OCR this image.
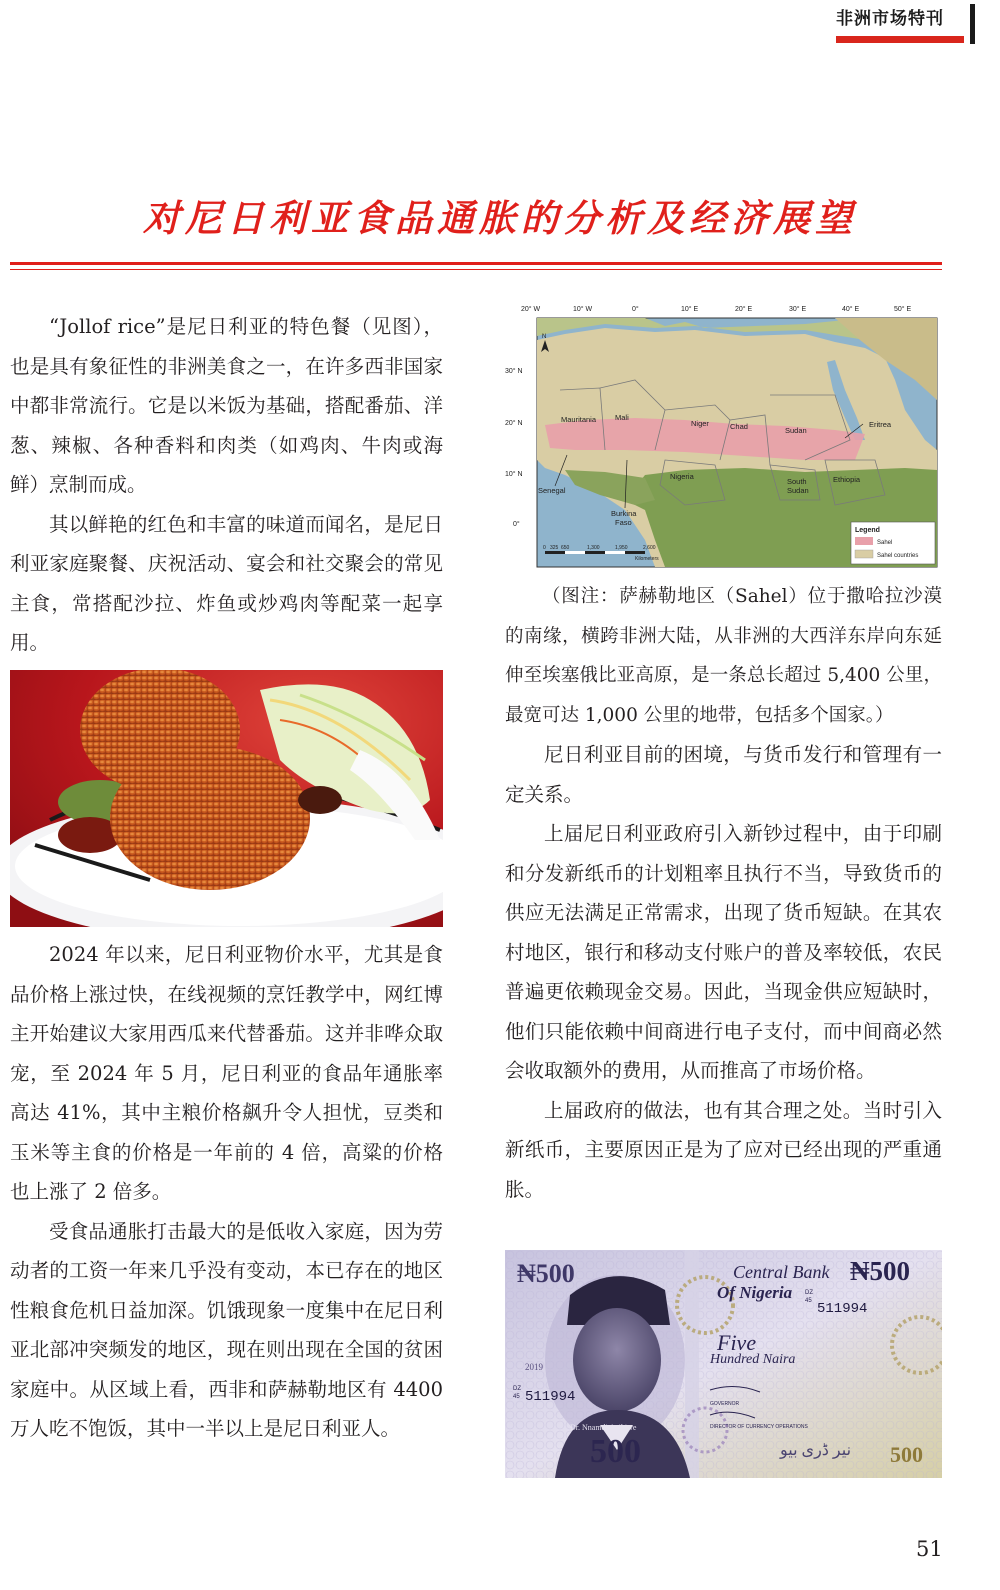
非洲市场特刊
对尼日利亚食品通胀的分析及经济展望

“Jollof rice”是尼日利亚的特色餐（见图），也是具有象征性的非洲美食之一，在许多西非国家中都非常流行。它是以米饭为基础，搭配番茄、洋葱、辣椒、各种香料和肉类（如鸡肉、牛肉或海鲜）烹制而成。

其以鲜艳的红色和丰富的味道而闻名，是尼日利亚家庭聚餐、庆祝活动、宴会和社交聚会的常见主食，常搭配沙拉、炸鱼或炒鸡肉等配菜一起享用。

2024 年以来，尼日利亚物价水平，尤其是食品价格上涨过快，在线视频的烹饪教学中，网红博主开始建议大家用西瓜来代替番茄。这并非哗众取宠，至 2024 年 5 月，尼日利亚的食品年通胀率高达 41%，其中主粮价格飙升令人担忧，豆类和玉米等主食的价格是一年前的 4 倍，高粱的价格也上涨了 2 倍多。

受食品通胀打击最大的是低收入家庭，因为劳动者的工资一年来几乎没有变动，本已存在的地区性粮食危机日益加深。饥饿现象一度集中在尼日利亚北部冲突频发的地区，现在则出现在全国的贫困家庭中。从区域上看，西非和萨赫勒地区有 4400 万人吃不饱饭，其中一半以上是尼日利亚人。

20° W	10° W	0°	10° E	20° E	30° E	40° E	50° E
30° N
20° N
10° N
0°
Mauritania	Mali
Niger	Chad	Sudan
Eritrea
Nigeria
South
Sudan
Ethiopia
Senegal
Burkina
Faso
N
0 325 650	1,300	1,950	2,600
Kilometers
Legend
Sahel
Sahel countries

（图注：萨赫勒地区（Sahel）位于撒哈拉沙漠的南缘，横跨非洲大陆，从非洲的大西洋东岸向东延伸至埃塞俄比亚高原，是一条总长超过 5,400 公里，最宽可达 1,000 公里的地带，包括多个国家。）

尼日利亚目前的困境，与货币发行和管理有一定关系。

上届尼日利亚政府引入新钞过程中，由于印刷和分发新纸币的计划粗率且执行不当，导致货币的供应无法满足正常需求，出现了货币短缺。在其农村地区，银行和移动支付账户的普及率较低，农民普遍更依赖现金交易。因此，当现金供应短缺时，他们只能依赖中间商进行电子支付，而中间商必然会收取额外的费用，从而推高了市场价格。

上届政府的做法，也有其合理之处。当时引入新纸币，主要原因正是为了应对已经出现的严重通胀。

₦500	Central Bank
Of Nigeria
₦500
DZ
45 511994
Five
Hundred Naira
2019
DZ
45 511994
Dr. Nnamdi Azikiwe
GOVERNOR
DIRECTOR OF CURRENCY OPERATIONS
500	500
نير ڈرى بيو
51
